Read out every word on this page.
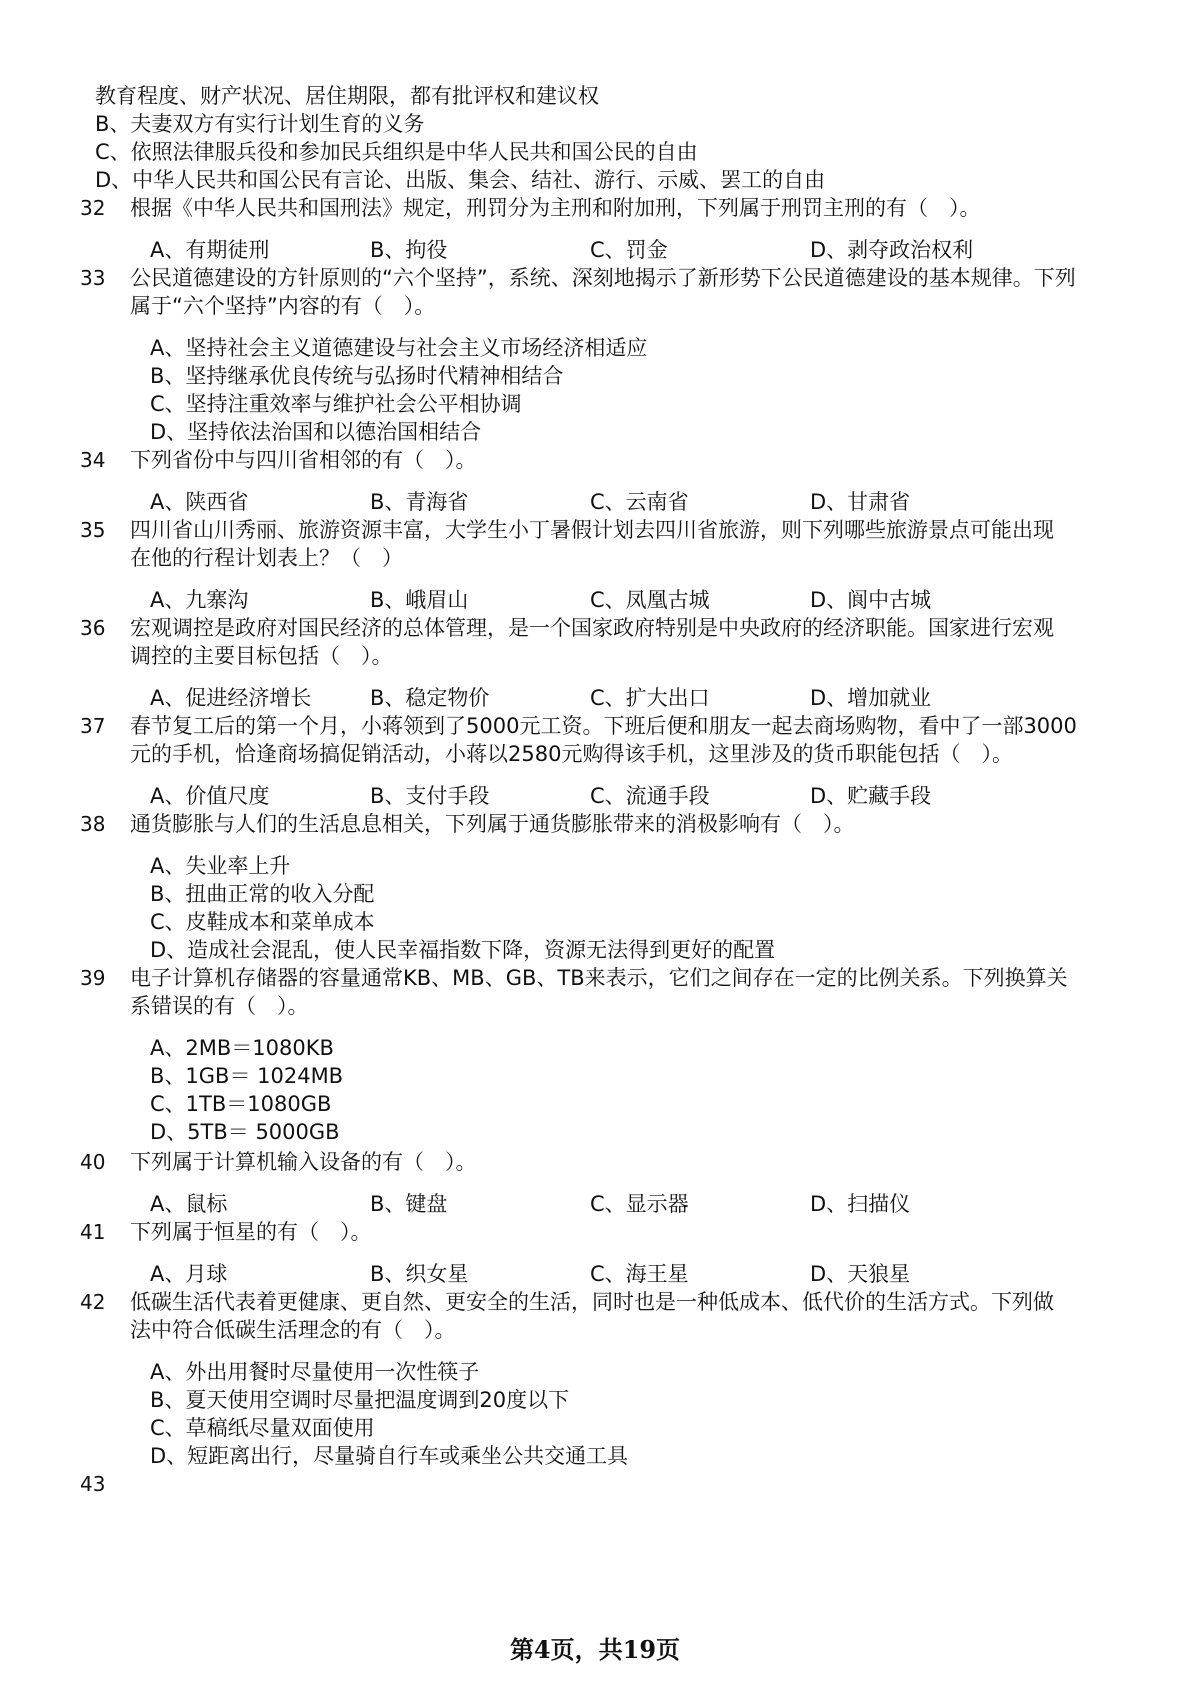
教育程度、财产状况、居住期限，都有批评权和建议权
B、夫妻双方有实行计划生育的义务
C、依照法律服兵役和参加民兵组织是中华人民共和国公民的自由
D、中华人民共和国公民有言论、出版、集会、结社、游行、示威、罢工的自由
32 根据《中华人民共和国刑法》规定，刑罚分为主刑和附加刑，下列属于刑罚主刑的有（　）。
A、有期徒刑	B、拘役	C、罚金	D、剥夺政治权利
33 公民道德建设的方针原则的“六个坚持”，系统、深刻地揭示了新形势下公民道德建设的基本规律。下列
属于“六个坚持”内容的有（　）。
A、坚持社会主义道德建设与社会主义市场经济相适应
B、坚持继承优良传统与弘扬时代精神相结合
C、坚持注重效率与维护社会公平相协调
D、坚持依法治国和以德治国相结合
34 下列省份中与四川省相邻的有（　）。
A、陕西省	B、青海省	C、云南省	D、甘肃省
35 四川省山川秀丽、旅游资源丰富，大学生小丁暑假计划去四川省旅游，则下列哪些旅游景点可能出现
在他的行程计划表上？（　）
A、九寨沟	B、峨眉山	C、凤凰古城	D、阆中古城
36 宏观调控是政府对国民经济的总体管理，是一个国家政府特别是中央政府的经济职能。国家进行宏观
调控的主要目标包括（　）。
A、促进经济增长	B、稳定物价	C、扩大出口	D、增加就业
37 春节复工后的第一个月，小蒋领到了5000元工资。下班后便和朋友一起去商场购物，看中了一部3000
元的手机，恰逢商场搞促销活动，小蒋以2580元购得该手机，这里涉及的货币职能包括（　）。
A、价值尺度	B、支付手段	C、流通手段	D、贮藏手段
38 通货膨胀与人们的生活息息相关，下列属于通货膨胀带来的消极影响有（　）。
A、失业率上升
B、扭曲正常的收入分配
C、皮鞋成本和菜单成本
D、造成社会混乱，使人民幸福指数下降，资源无法得到更好的配置
39 电子计算机存储器的容量通常KB、MB、GB、TB来表示，它们之间存在一定的比例关系。下列换算关
系错误的有（　）。
A、2MB＝1080KB
B、1GB＝ 1024MB
C、1TB＝1080GB
D、5TB＝ 5000GB
40 下列属于计算机输入设备的有（　）。
A、鼠标	B、键盘	C、显示器	D、扫描仪
41 下列属于恒星的有（　）。
A、月球	B、织女星	C、海王星	D、天狼星
42 低碳生活代表着更健康、更自然、更安全的生活，同时也是一种低成本、低代价的生活方式。下列做
法中符合低碳生活理念的有（　）。
A、外出用餐时尽量使用一次性筷子
B、夏天使用空调时尽量把温度调到20度以下
C、草稿纸尽量双面使用
D、短距离出行，尽量骑自行车或乘坐公共交通工具
43
第4页，共19页
